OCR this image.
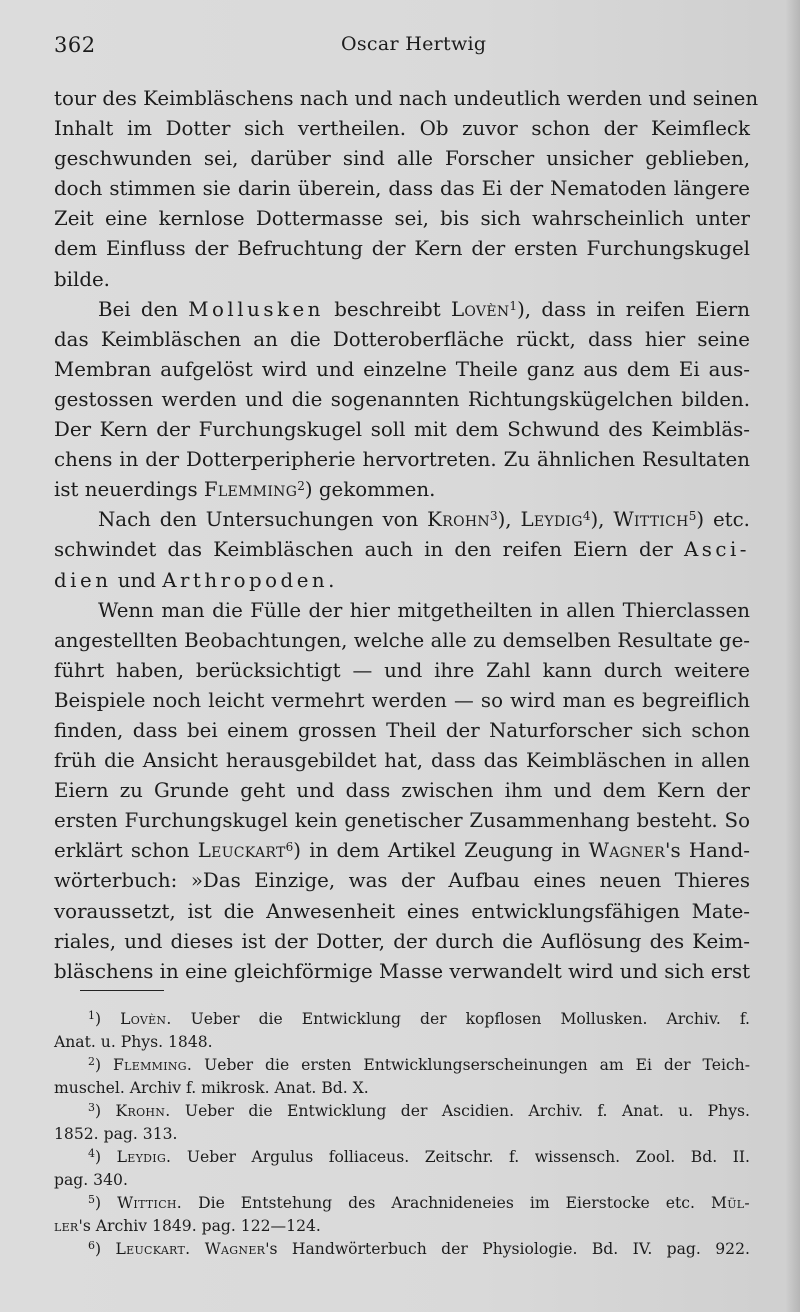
362	Oscar Hertwig
tour des Keimbläschens nach und nach undeutlich werden und seinen
Inhalt im Dotter sich vertheilen. Ob zuvor schon der Keimfleck
geschwunden sei, darüber sind alle Forscher unsicher geblieben,
doch stimmen sie darin überein, dass das Ei der Nematoden längere
Zeit eine kernlose Dottermasse sei, bis sich wahrscheinlich unter
dem Einfluss der Befruchtung der Kern der ersten Furchungskugel
bilde.
Bei den Mollusken beschreibt Lovèn$^1$), dass in reifen Eiern
das Keimbläschen an die Dotteroberfläche rückt, dass hier seine
Membran aufgelöst wird und einzelne Theile ganz aus dem Ei aus-
gestossen werden und die sogenannten Richtungskügelchen bilden.
Der Kern der Furchungskugel soll mit dem Schwund des Keimbläs-
chens in der Dotterperipherie hervortreten. Zu ähnlichen Resultaten
ist neuerdings Flemming$^2$) gekommen.
Nach den Untersuchungen von Krohn$^3$), Leydig$^4$), Wittich$^5$) etc.
schwindet das Keimbläschen auch in den reifen Eiern der Asci-
dien und Arthropoden.
Wenn man die Fülle der hier mitgetheilten in allen Thierclassen
angestellten Beobachtungen, welche alle zu demselben Resultate ge-
führt haben, berücksichtigt — und ihre Zahl kann durch weitere
Beispiele noch leicht vermehrt werden — so wird man es begreiflich
finden, dass bei einem grossen Theil der Naturforscher sich schon
früh die Ansicht herausgebildet hat, dass das Keimbläschen in allen
Eiern zu Grunde geht und dass zwischen ihm und dem Kern der
ersten Furchungskugel kein genetischer Zusammenhang besteht. So
erklärt schon Leuckart$^6$) in dem Artikel Zeugung in Wagner's Hand-
wörterbuch: »Das Einzige, was der Aufbau eines neuen Thieres
voraussetzt, ist die Anwesenheit eines entwicklungsfähigen Mate-
riales, und dieses ist der Dotter, der durch die Auflösung des Keim-
bläschens in eine gleichförmige Masse verwandelt wird und sich erst
$^1$) Lovèn. Ueber die Entwicklung der kopflosen Mollusken. Archiv. f.
Anat. u. Phys. 1848.
$^2$) Flemming. Ueber die ersten Entwicklungserscheinungen am Ei der Teich-
muschel. Archiv f. mikrosk. Anat. Bd. X.
$^3$) Krohn. Ueber die Entwicklung der Ascidien. Archiv. f. Anat. u. Phys.
1852. pag. 313.
$^4$) Leydig. Ueber Argulus folliaceus. Zeitschr. f. wissensch. Zool. Bd. II.
pag. 340.
$^5$) Wittich. Die Entstehung des Arachnideneies im Eierstocke etc. Mül-
ler's Archiv 1849. pag. 122—124.
$^6$) Leuckart. Wagner's Handwörterbuch der Physiologie. Bd. IV. pag. 922.
